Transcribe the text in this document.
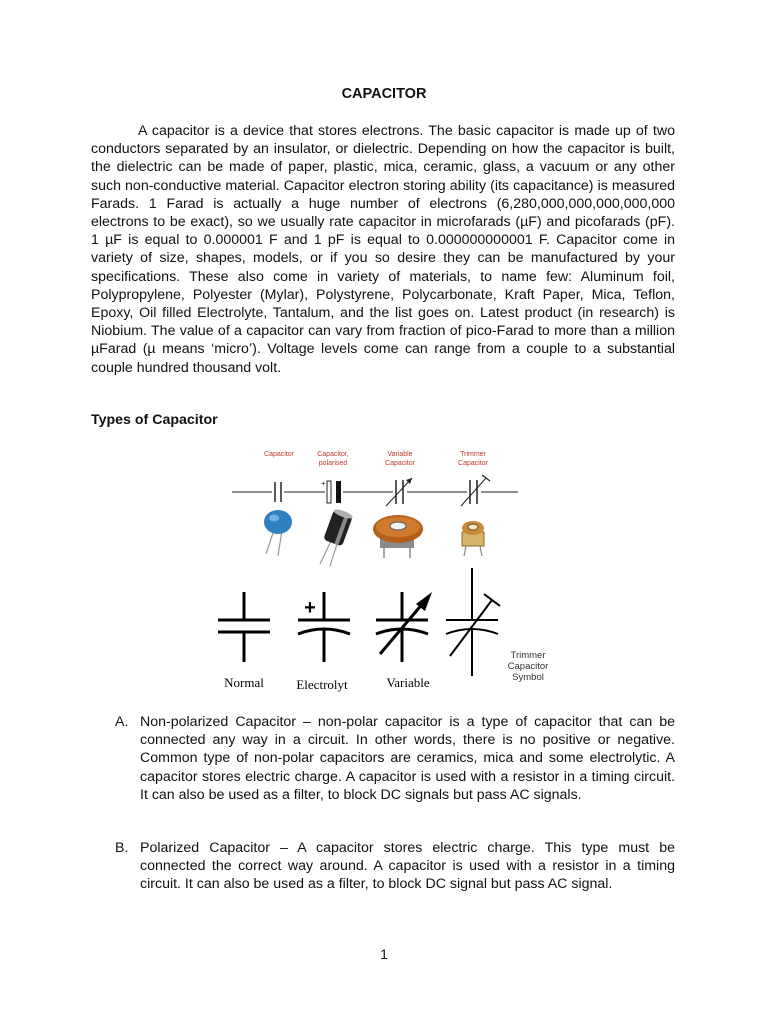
CAPACITOR

A capacitor is a device that stores electrons. The basic capacitor is made up of two conductors separated by an insulator, or dielectric. Depending on how the capacitor is built, the dielectric can be made of paper, plastic, mica, ceramic, glass, a vacuum or any other such non-conductive material. Capacitor electron storing ability (its capacitance) is measured Farads. 1 Farad is actually a huge number of electrons (6,280,000,000,000,000,000 electrons to be exact), so we usually rate capacitor in microfarads (µF) and picofarads (pF). 1 µF is equal to 0.000001 F and 1 pF is equal to 0.000000000001 F. Capacitor come in variety of size, shapes, models, or if you so desire they can be manufactured by your specifications. These also come in variety of materials, to name few: Aluminum foil, Polypropylene, Polyester (Mylar), Polystyrene, Polycarbonate, Kraft Paper, Mica, Teflon, Epoxy, Oil filled Electrolyte, Tantalum, and the list goes on. Latest product (in research) is Niobium. The value of a capacitor can vary from fraction of pico-Farad to more than a million µFarad (µ means ‘micro’). Voltage levels come can range from a couple to a substantial couple hundred thousand volt.

Types of Capacitor

Capacitor	Capacitor,
polarised
Variable
Capacitor
Trimmer
Capacitor
+
Normal
+
Electrolyt	Variable
Trimmer
Capacitor
Symbol
A. Non-polarized Capacitor – non-polar capacitor is a type of capacitor that can be connected any way in a circuit. In other words, there is no positive or negative. Common type of non-polar capacitors are ceramics, mica and some electrolytic. A capacitor stores electric charge. A capacitor is used with a resistor in a timing circuit. It can also be used as a filter, to block DC signals but pass AC signals.

B. Polarized Capacitor – A capacitor stores electric charge. This type must be connected the correct way around. A capacitor is used with a resistor in a timing circuit. It can also be used as a filter, to block DC signal but pass AC signal.

1
